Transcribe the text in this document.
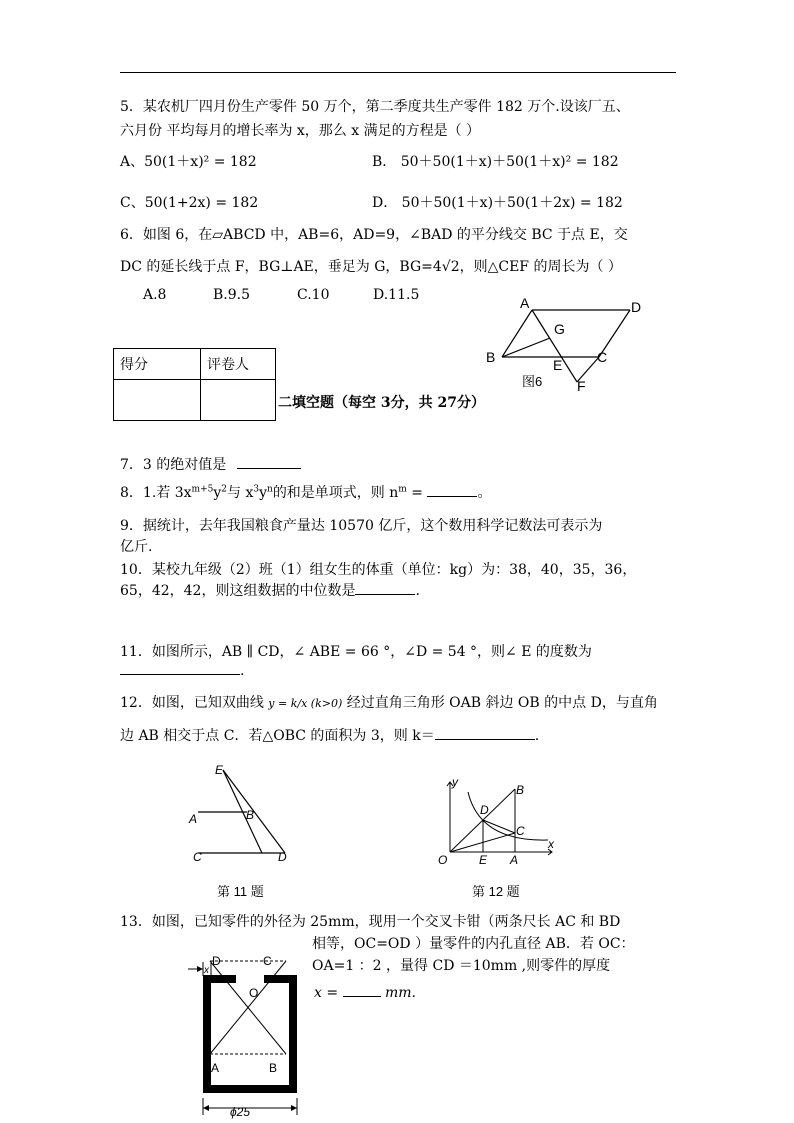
5．某农机厂四月份生产零件 50 万个，第二季度共生产零件 182 万个.设该厂五、
六月份 平均每月的增长率为 x，那么 x 满足的方程是（ ）
A、50(1＋x)² = 182	B． 50＋50(1＋x)＋50(1＋x)² = 182
C、50(1+2x) = 182	D． 50＋50(1＋x)＋50(1＋2x) = 182
6．如图 6，在▱ABCD 中，AB=6，AD=9，∠BAD 的平分线交 BC 于点 E，交
DC 的延长线于点 F，BG⊥AE，垂足为 G，BG=4√2，则△CEF 的周长为（ ）
A.8	B.9.5	C.10	D.11.5	A	D
G
B	E C
F
图6
得分	评卷人

二填空题（每空 3分，共 27分）
7．3 的绝对值是
8．1.若 $3x^{m+5}y^2$与 $x^3y^n$的和是单项式，则 $n^m$ =	。
9．据统计，去年我国粮食产量达 10570 亿斤，这个数用科学记数法可表示为
亿斤.
10．某校九年级（2）班（1）组女生的体重（单位：kg）为：38，40，35，36，
65，42，42，则这组数据的中位数是	.
11．如图所示，AB ∥ CD，∠ ABE = 66 °，∠D = 54 °，则∠ E 的度数为
.
12．如图，已知双曲线 y = k/x (k>0) 经过直角三角形 OAB 斜边 OB 的中点 D，与直角
边 AB 相交于点 C．若△OBC 的面积为 3，则 k＝	.
E
A	B
C	D
第 11 题
y
x
O	E A
B
C
D
第 12 题
13．如图，已知零件的外径为 25mm，现用一个交叉卡钳（两条尺长 AC 和 BD
相等，OC=OD ）量零件的内孔直径 AB．若 OC：
OA=1 ：2 ，量得 CD ＝10mm ,则零件的厚度
x =	mm.
D	C
O
A	B
x
ϕ25
